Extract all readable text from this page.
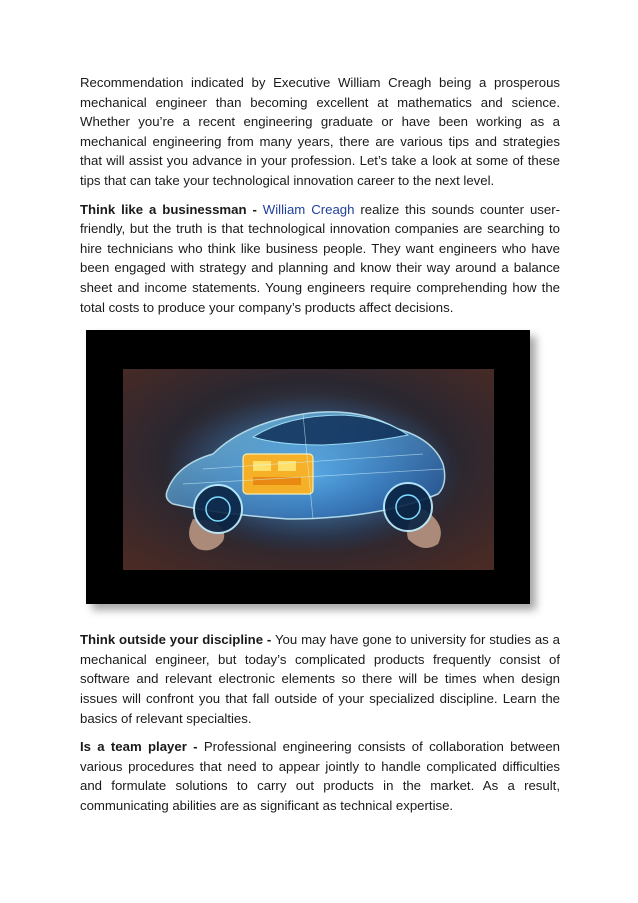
Recommendation indicated by Executive William Creagh being a prosperous mechanical engineer than becoming excellent at mathematics and science. Whether you’re a recent engineering graduate or have been working as a mechanical engineering from many years, there are various tips and strategies that will assist you advance in your profession. Let’s take a look at some of these tips that can take your technological innovation career to the next level.

Think like a businessman - William Creagh realize this sounds counter user-friendly, but the truth is that technological innovation companies are searching to hire technicians who think like business people. They want engineers who have been engaged with strategy and planning and know their way around a balance sheet and income statements. Young engineers require comprehending how the total costs to produce your company’s products affect decisions.

Think outside your discipline - You may have gone to university for studies as a mechanical engineer, but today’s complicated products frequently consist of software and relevant electronic elements so there will be times when design issues will confront you that fall outside of your specialized discipline. Learn the basics of relevant specialties.

Is a team player - Professional engineering consists of collaboration between various procedures that need to appear jointly to handle complicated difficulties and formulate solutions to carry out products in the market. As a result, communicating abilities are as significant as technical expertise.
